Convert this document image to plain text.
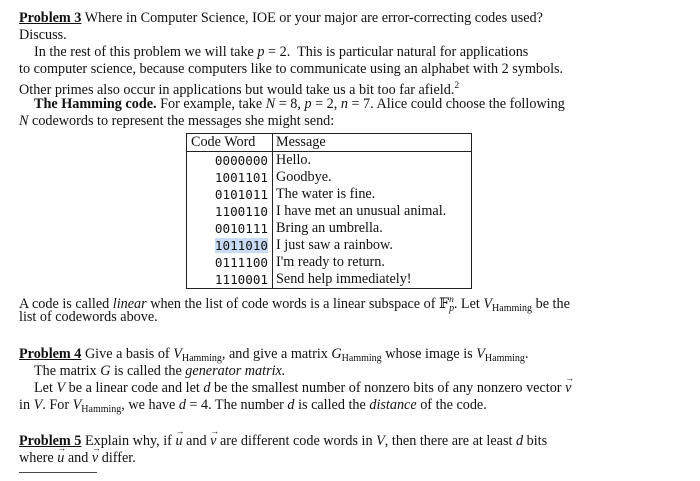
Problem 3 Where in Computer Science, IOE or your major are error-correcting codes used?
Discuss.
In the rest of this problem we will take p = 2.  This is particular natural for applications
to computer science, because computers like to communicate using an alphabet with 2 symbols.
Other primes also occur in applications but would take us a bit too far afield.$^2$
The Hamming code. For example, take N = 8, p = 2, n = 7. Alice could choose the following
N codewords to represent the messages she might send:
Code Word	Message
0000000	Hello.
1001101	Goodbye.
0101011	The water is fine.
1100110	I have met an unusual animal.
0010111	Bring an umbrella.
1011010	I just saw a rainbow.
0111100	I'm ready to return.
1110001	Send help immediately!
A code is called linear when the list of code words is a linear subspace of 𝔽$_p^n$. Let $V_{Hamming}$ be the
list of codewords above.
Problem 4 Give a basis of $V_{Hamming}$, and give a matrix $G_{Hamming}$ whose image is $V_{Hamming}$.
The matrix G is called the generator matrix.
Let V be a linear code and let d be the smallest number of nonzero bits of any nonzero vector v →
in V. For $V_{Hamming}$, we have d = 4. The number d is called the distance of the code.
Problem 5 Explain why, if u → and v → are different code words in V, then there are at least d bits
where u → and v → differ.
